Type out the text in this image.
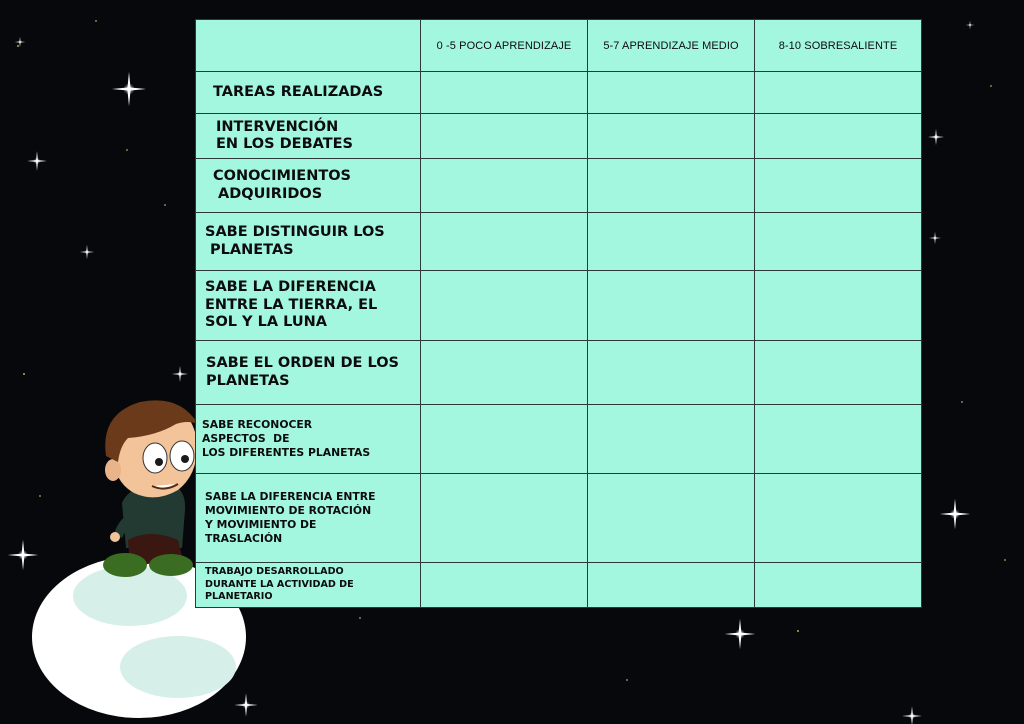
	0 -5 POCO APRENDIZAJE	5-7 APRENDIZAJE MEDIO	8-10 SOBRESALIENTE

TAREAS REALIZADAS			

INTERVENCIÓN
EN LOS DEBATES			

CONOCIMIENTOS
ADQUIRIDOS			

SABE DISTINGUIR LOS
PLANETAS			

SABE LA DIFERENCIA
ENTRE LA TIERRA, EL
SOL Y LA LUNA			

SABE EL ORDEN DE LOS
PLANETAS			

SABE RECONOCER
ASPECTOS  DE
LOS DIFERENTES PLANETAS			

SABE LA DIFERENCIA ENTRE
MOVIMIENTO DE ROTACIÓN
Y MOVIMIENTO DE
TRASLACIÓN			

TRABAJO DESARROLLADO
DURANTE LA ACTIVIDAD DE
PLANETARIO			
